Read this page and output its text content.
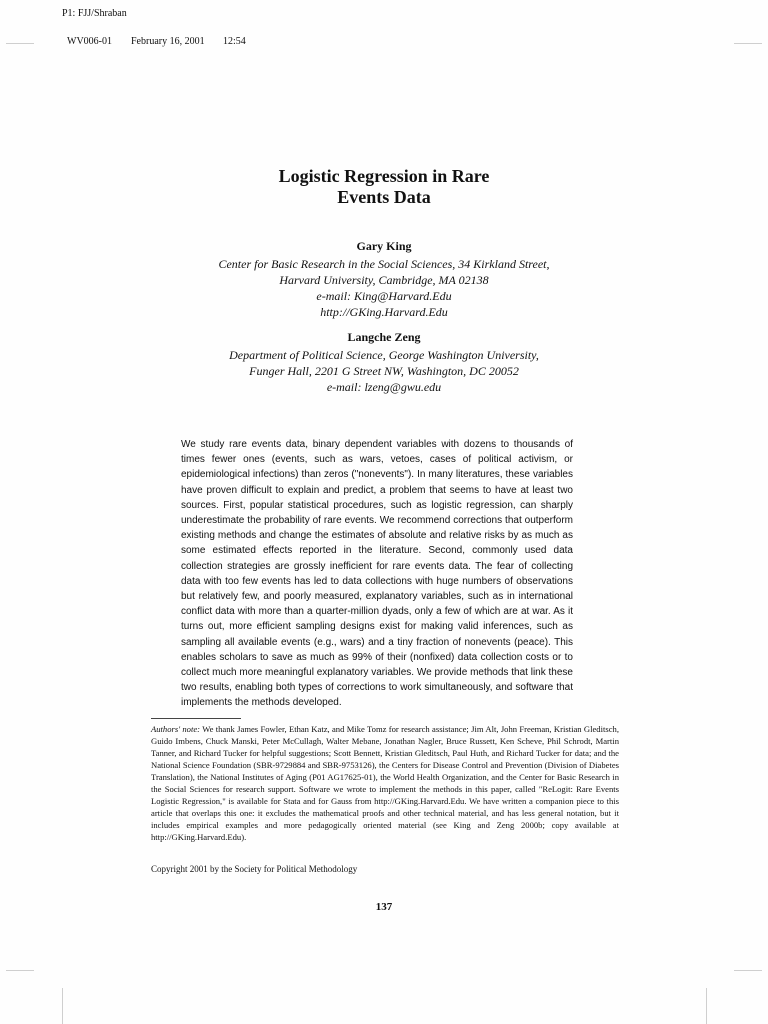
P1: FJJ/Shraban

WV006-01 February 16, 2001 12:54

Logistic Regression in Rare
Events Data
Gary King
Center for Basic Research in the Social Sciences, 34 Kirkland Street,
Harvard University, Cambridge, MA 02138
e-mail: King@Harvard.Edu
http://GKing.Harvard.Edu
Langche Zeng
Department of Political Science, George Washington University,
Funger Hall, 2201 G Street NW, Washington, DC 20052
e-mail: lzeng@gwu.edu
We study rare events data, binary dependent variables with dozens to thousands of times fewer ones (events, such as wars, vetoes, cases of political activism, or epidemiological infections) than zeros ("nonevents"). In many literatures, these variables have proven difficult to explain and predict, a problem that seems to have at least two sources. First, popular statistical procedures, such as logistic regression, can sharply underestimate the probability of rare events. We recommend corrections that outperform existing methods and change the estimates of absolute and relative risks by as much as some estimated effects reported in the literature. Second, commonly used data collection strategies are grossly inefficient for rare events data. The fear of collecting data with too few events has led to data collections with huge numbers of observations but relatively few, and poorly measured, explanatory variables, such as in international conflict data with more than a quarter-million dyads, only a few of which are at war. As it turns out, more efficient sampling designs exist for making valid inferences, such as sampling all available events (e.g., wars) and a tiny fraction of nonevents (peace). This enables scholars to save as much as 99% of their (nonfixed) data collection costs or to collect much more meaningful explanatory variables. We provide methods that link these two results, enabling both types of corrections to work simultaneously, and software that implements the methods developed.
Authors' note: We thank James Fowler, Ethan Katz, and Mike Tomz for research assistance; Jim Alt, John Freeman, Kristian Gleditsch, Guido Imbens, Chuck Manski, Peter McCullagh, Walter Mebane, Jonathan Nagler, Bruce Russett, Ken Scheve, Phil Schrodt, Martin Tanner, and Richard Tucker for helpful suggestions; Scott Bennett, Kristian Gleditsch, Paul Huth, and Richard Tucker for data; and the National Science Foundation (SBR-9729884 and SBR-9753126), the Centers for Disease Control and Prevention (Division of Diabetes Translation), the National Institutes of Aging (P01 AG17625-01), the World Health Organization, and the Center for Basic Research in the Social Sciences for research support. Software we wrote to implement the methods in this paper, called "ReLogit: Rare Events Logistic Regression," is available for Stata and for Gauss from http://GKing.Harvard.Edu. We have written a companion piece to this article that overlaps this one: it excludes the mathematical proofs and other technical material, and has less general notation, but it includes empirical examples and more pedagogically oriented material (see King and Zeng 2000b; copy available at http://GKing.Harvard.Edu).
Copyright 2001 by the Society for Political Methodology
137
